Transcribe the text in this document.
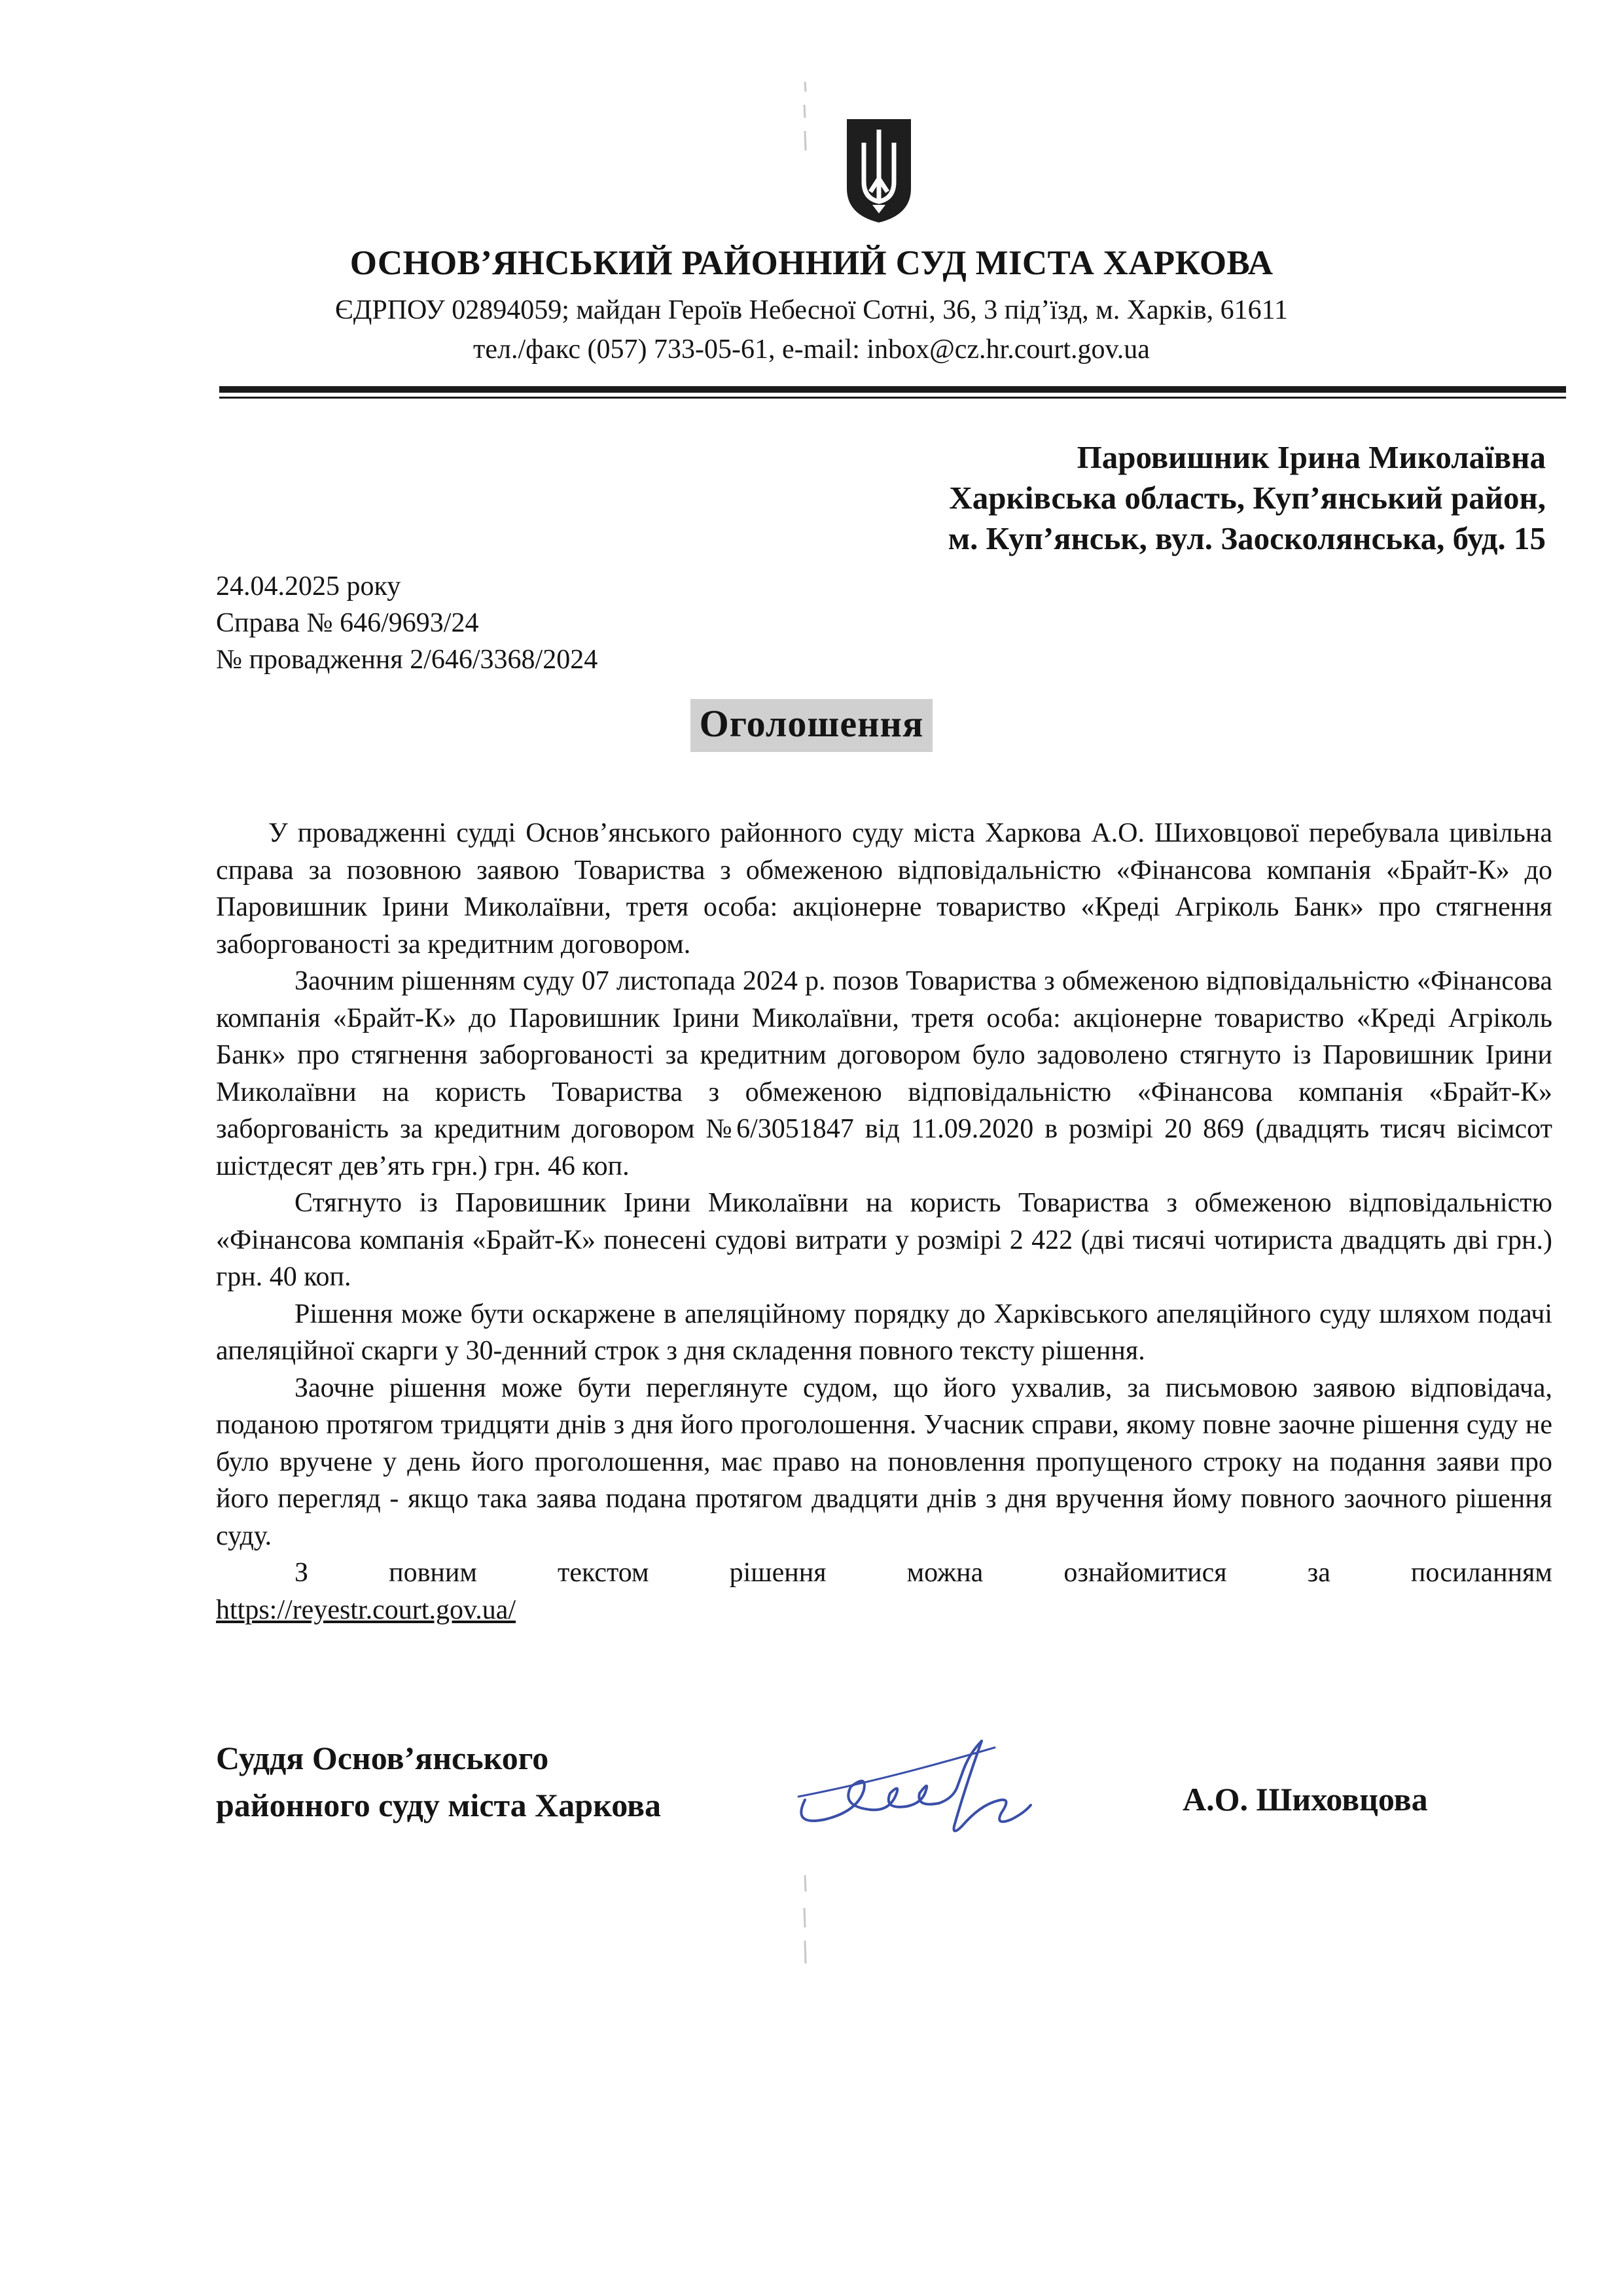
ОСНОВ’ЯНСЬКИЙ РАЙОННИЙ СУД МІСТА ХАРКОВА
ЄДРПОУ 02894059; майдан Героїв Небесної Сотні, 36, 3 під’їзд, м. Харків, 61611
тел./факс (057) 733-05-61, e-mail: inbox@cz.hr.court.gov.ua
Паровишник Ірина Миколаївна
Харківська область, Куп’янський район,
м. Куп’янськ, вул. Заосколянська, буд. 15
24.04.2025 року
Справа № 646/9693/24
№ провадження 2/646/3368/2024
Оголошення

У провадженні судді Основ’янського районного суду міста Харкова А.О. Шиховцової перебувала цивільна справа за позовною заявою Товариства з обмеженою відповідальністю «Фінансова компанія «Брайт-К» до Паровишник Ірини Миколаївни, третя особа: акціонерне товариство «Креді Агріколь Банк» про стягнення заборгованості за кредитним договором.

Заочним рішенням суду 07 листопада 2024 р. позов Товариства з обмеженою відповідальністю «Фінансова компанія «Брайт-К» до Паровишник Ірини Миколаївни, третя особа: акціонерне товариство «Креді Агріколь Банк» про стягнення заборгованості за кредитним договором було задоволено стягнуто із Паровишник Ірини Миколаївни на користь Товариства з обмеженою відповідальністю «Фінансова компанія «Брайт-К» заборгованість за кредитним договором №6/3051847 від 11.09.2020 в розмірі 20 869 (двадцять тисяч вісімсот шістдесят дев’ять грн.) грн. 46 коп.

Стягнуто із Паровишник Ірини Миколаївни на користь Товариства з обмеженою відповідальністю «Фінансова компанія «Брайт-К» понесені судові витрати у розмірі 2 422 (дві тисячі чотириста двадцять дві грн.) грн. 40 коп.

Рішення може бути оскаржене в апеляційному порядку до Харківського апеляційного суду шляхом подачі апеляційної скарги у 30-денний строк з дня складення повного тексту рішення.

Заочне рішення може бути переглянуте судом, що його ухвалив, за письмовою заявою відповідача, поданою протягом тридцяти днів з дня його проголошення. Учасник справи, якому повне заочне рішення суду не було вручене у день його проголошення, має право на поновлення пропущеного строку на подання заяви про його перегляд - якщо така заява подана протягом двадцяти днів з дня вручення йому повного заочного рішення суду.

З повним текстом рішення можна ознайомитися за посиланням

https://reyestr.court.gov.ua/

Суддя Основ’янського
районного суду міста Харкова	А.О. Шиховцова
